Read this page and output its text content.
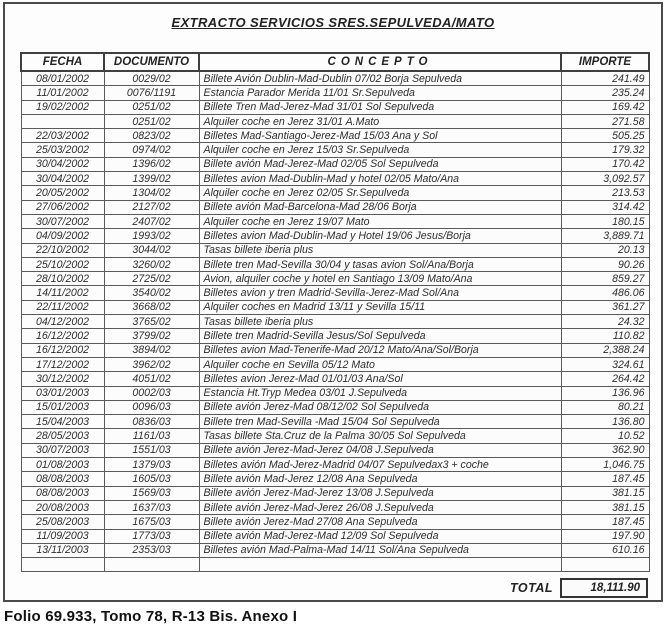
EXTRACTO SERVICIOS SRES.SEPULVEDA/MATO
FECHA	DOCUMENTO	CONCEPTO	IMPORTE
08/01/2002	0029/02	Billete Avión Dublin-Mad-Dublin 07/02 Borja Sepulveda	241.49
11/01/2002	0076/1191	Estancia Parador Merida 11/01 Sr.Sepulveda	235.24
19/02/2002	0251/02	Billete Tren Mad-Jerez-Mad 31/01 Sol Sepulveda	169.42
	0251/02	Alquiler coche en Jerez 31/01 A.Mato	271.58
22/03/2002	0823/02	Billetes Mad-Santiago-Jerez-Mad 15/03 Ana y Sol	505.25
25/03/2002	0974/02	Alquiler coche en Jerez 15/03 Sr.Sepulveda	179.32
30/04/2002	1396/02	Billete avión Mad-Jerez-Mad 02/05 Sol Sepulveda	170.42
30/04/2002	1399/02	Billetes avion Mad-Dublin-Mad y hotel 02/05 Mato/Ana	3,092.57
20/05/2002	1304/02	Alquiler coche en Jerez 02/05 Sr.Sepulveda	213.53
27/06/2002	2127/02	Billete avión Mad-Barcelona-Mad 28/06 Borja	314.42
30/07/2002	2407/02	Alquiler coche en Jerez 19/07 Mato	180.15
04/09/2002	1993/02	Billetes avion Mad-Dublin-Mad y Hotel 19/06 Jesus/Borja	3,889.71
22/10/2002	3044/02	Tasas billete iberia plus	20.13
25/10/2002	3260/02	Billete tren Mad-Sevilla 30/04 y tasas avion Sol/Ana/Borja	90.26
28/10/2002	2725/02	Avion, alquiler coche y hotel en Santiago 13/09 Mato/Ana	859.27
14/11/2002	3540/02	Billetes avion y tren Madrid-Sevilla-Jerez-Mad Sol/Ana	486.06
22/11/2002	3668/02	Alquiler coches en Madrid 13/11 y Sevilla 15/11	361.27
04/12/2002	3765/02	Tasas billete iberia plus	24.32
16/12/2002	3799/02	Billete tren Madrid-Sevilla Jesus/Sol Sepulveda	110.82
16/12/2002	3894/02	Billetes avion Mad-Tenerife-Mad 20/12 Mato/Ana/Sol/Borja	2,388.24
17/12/2002	3962/02	Alquiler coche en Sevilla 05/12 Mato	324.61
30/12/2002	4051/02	Billetes avion Jerez-Mad 01/01/03 Ana/Sol	264.42
03/01/2003	0002/03	Estancia Ht.Tryp Medea 03/01 J.Sepulveda	136.96
15/01/2003	0096/03	Billete avión Jerez-Mad 08/12/02 Sol Sepulveda	80.21
15/04/2003	0836/03	Billete tren Mad-Sevilla -Mad 15/04 Sol Sepulveda	136.80
28/05/2003	1161/03	Tasas billete Sta.Cruz de la Palma 30/05 Sol Sepulveda	10.52
30/07/2003	1551/03	Billete avión Jerez-Mad-Jerez 04/08 J.Sepulveda	362.90
01/08/2003	1379/03	Billetes avión Mad-Jerez-Madrid 04/07 Sepulvedax3 + coche	1,046.75
08/08/2003	1605/03	Billete avión Mad-Jerez 12/08 Ana Sepulveda	187.45
08/08/2003	1569/03	Billete avión Jerez-Mad-Jerez 13/08 J.Sepulveda	381.15
20/08/2003	1637/03	Billete avión Jerez-Mad-Jerez 26/08 J.Sepulveda	381.15
25/08/2003	1675/03	Billete avión Jerez-Mad 27/08 Ana Sepulveda	187.45
11/09/2003	1773/03	Billete avión Mad-Jerez-Mad 12/09 Sol Sepulveda	197.90
13/11/2003	2353/03	Billetes avión Mad-Palma-Mad 14/11 Sol/Ana Sepulveda	610.16

TOTAL	18,111.90
Folio 69.933, Tomo 78, R-13 Bis. Anexo I
